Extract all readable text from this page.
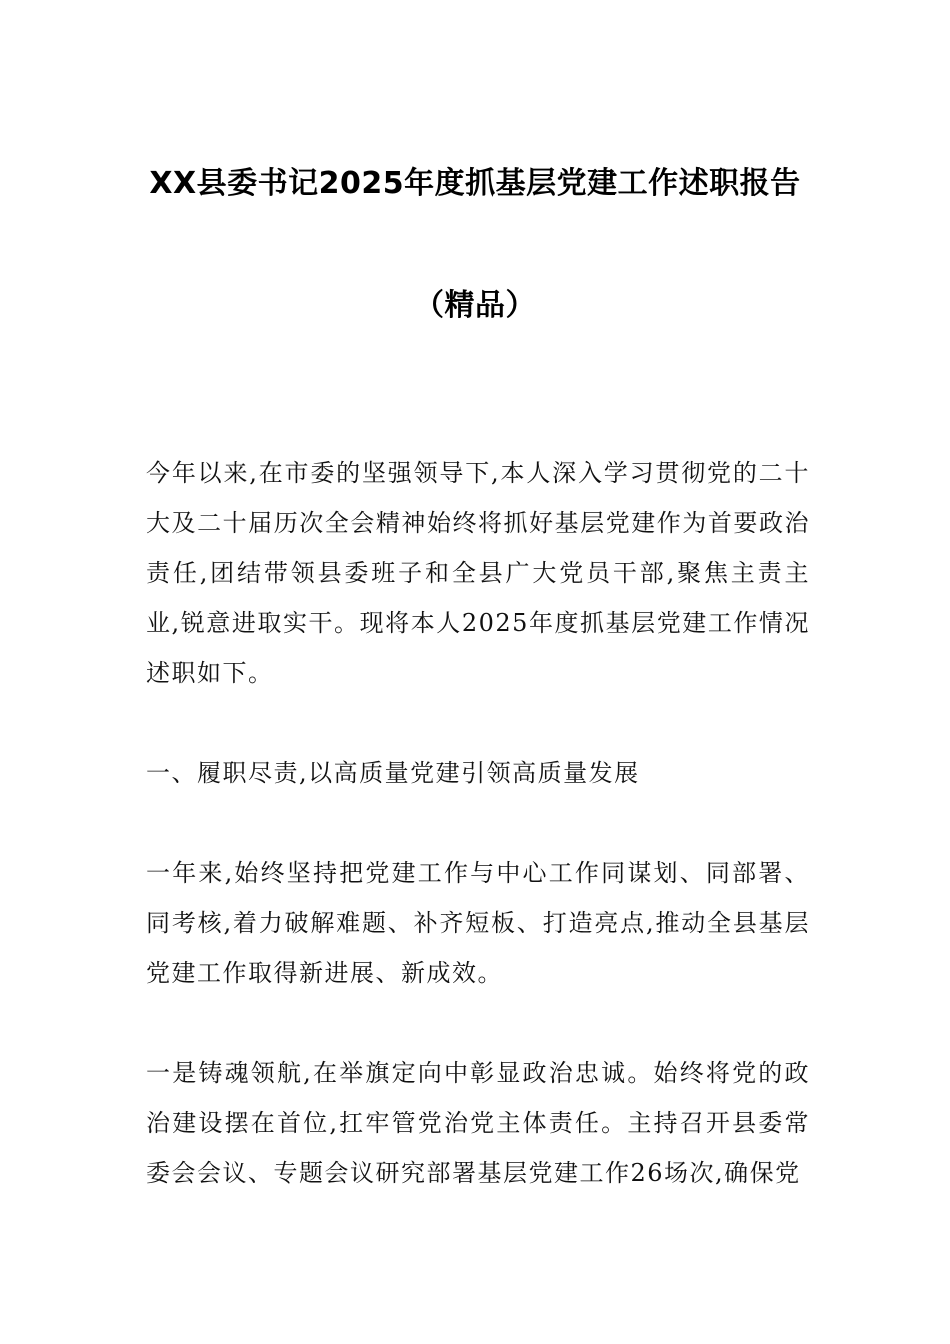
XX县委书记2025年度抓基层党建工作述职报告
（精品）

今年以来,在市委的坚强领导下,本人深入学习贯彻党的二十大及二十届历次全会精神始终将抓好基层党建作为首要政治责任,团结带领县委班子和全县广大党员干部,聚焦主责主业,锐意进取实干。现将本人2025年度抓基层党建工作情况述职如下。

一、履职尽责,以高质量党建引领高质量发展

一年来,始终坚持把党建工作与中心工作同谋划、同部署、同考核,着力破解难题、补齐短板、打造亮点,推动全县基层党建工作取得新进展、新成效。

一是铸魂领航,在举旗定向中彰显政治忠诚。始终将党的政治建设摆在首位,扛牢管党治党主体责任。主持召开县委常委会会议、专题会议研究部署基层党建工作26场次,确保党
